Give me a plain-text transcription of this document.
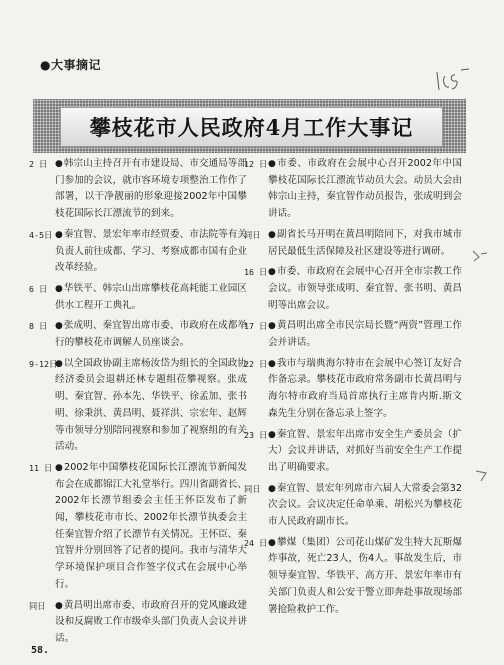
●大事摘记
攀枝花市人民政府4月工作大事记
2 日	● 韩宗山主持召开有市建设局、市交通局等部门参加的会议，就市容环境专项整治工作作了部署，以干净靓丽的形象迎接2002年中国攀枝花国际长江漂流节的到来。
4-5日	● 秦宜智、景宏年率市经贸委、市法院等有关负责人前往成都、学习、考察成都市国有企业改革经验。
6 日	● 华铁平、韩宗山出席攀枝花高耗能工业园区供水工程开工典礼。
8 日	● 张成明、秦宜智出席市委、市政府在成都举行的攀枝花市调解人员座谈会。
9-12日 ● 以全国政协副主席杨汝岱为组长的全国政协经济委员会退耕还林专题组莅攀视察。张成明、秦宜智、孙本先、华铁平、徐孟加、张书明、徐秉洪、黄昌明、聂祥洪、宗宏年、赵辉等市领导分别陪同视察和参加了视察组的有关活动。
11 日	● 2002年中国攀枝花国际长江漂流节新闻发布会在成都锦江大礼堂举行。四川省副省长、2002年长漂节组委会主任王怀臣发布了新闻，攀枝花市市长、2002年长漂节执委会主任秦宜智介绍了长漂节有关情况。王怀臣、秦宜智并分别回答了记者的提问。我市与清华大学环境保护项目合作签字仪式在会展中心举行。
同日	● 黄昌明出席市委、市政府召开的党风廉政建设和反腐败工作市级牵头部门负责人会议并讲话。
12 日	● 市委、市政府在会展中心召开2002年中国攀枝花国际长江漂流节动员大会。动员大会由韩宗山主持，秦宜智作动员报告，张成明到会讲话。
同日	● 副省长马开明在黄昌明陪同下，对我市城市居民最低生活保障及社区建设等进行调研。
16 日	● 市委、市政府在会展中心召开全市宗教工作会议。市领导张成明、秦宜智、张书明、黄昌明等出席会议。
17 日	● 黄昌明出席全市民宗局长暨“两资”管理工作会并讲话。
22 日	● 我市与瑞典海尔特市在会展中心签订友好合作备忘录。攀枝花市政府常务副市长黄昌明与海尔特市政府当局首席执行主席肯内斯.斯文森先生分别在备忘录上签字。
23 日	● 秦宜智、景宏年出席市安全生产委员会（扩大）会议并讲话，对抓好当前安全生产工作提出了明确要求。
同日	● 秦宜智、景宏年列席市六届人大常委会第32次会议。会议决定任命单乘、胡松兴为攀枝花市人民政府副市长。
24 日	● 攀煤（集团）公司花山煤矿发生特大瓦斯爆炸事故，死亡23人，伤4人。事故发生后，市领导秦宜智、华铁平、高方开、景宏年率市有关部门负责人和公安干警立即奔赴事故现场部署抢险救护工作。
58.
